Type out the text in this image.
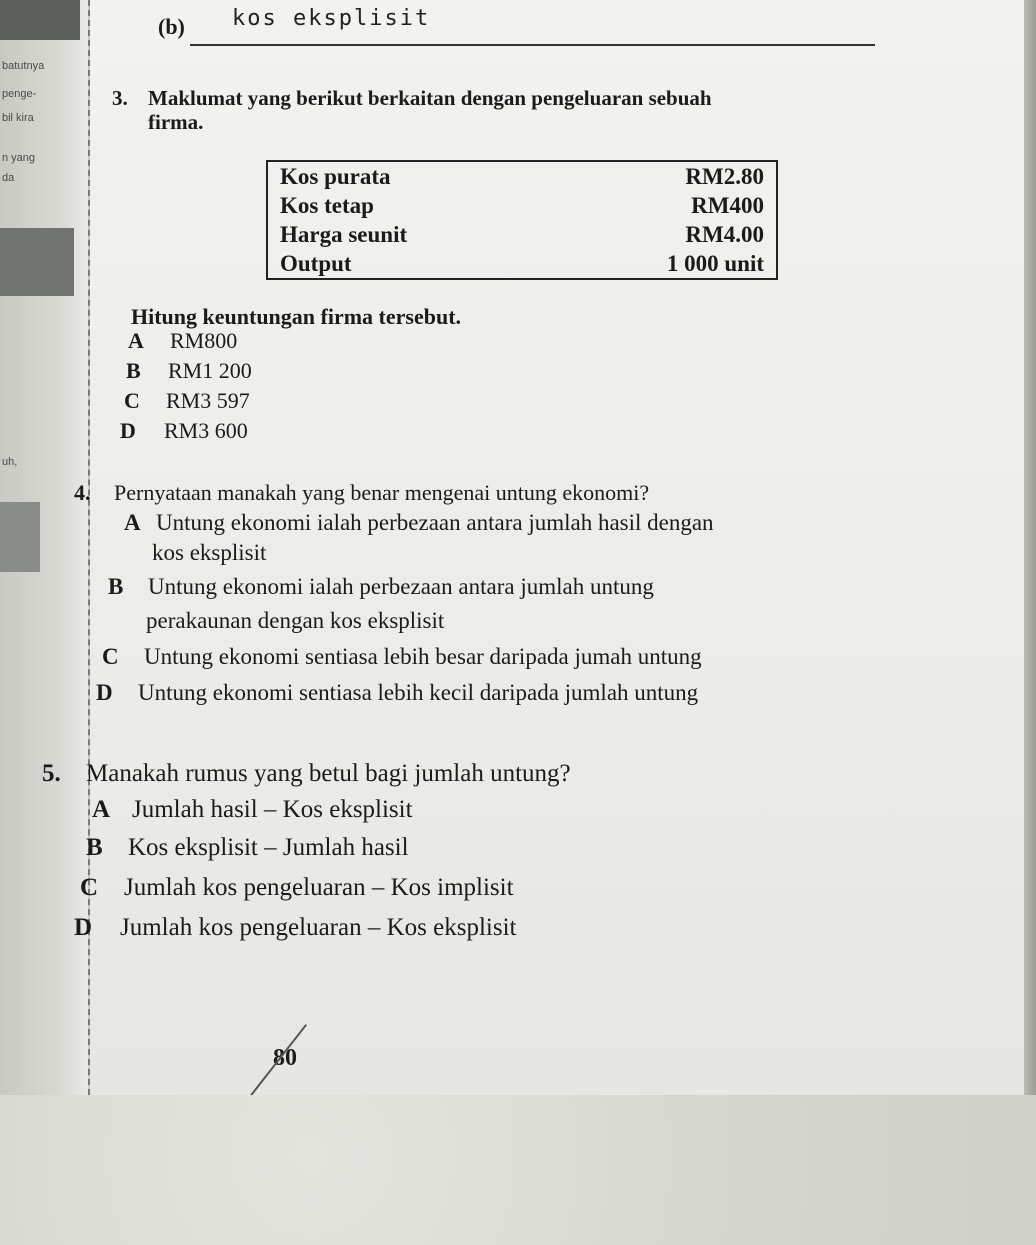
batutnya
penge-
bil kira
n yang
da
uh,
(b) kos eksplisit
3. Maklumat yang berikut berkaitan dengan pengeluaran sebuah
firma.
Kos purata	RM2.80
Kos tetap	RM400
Harga seunit	RM4.00
Output	1 000 unit
Hitung keuntungan firma tersebut.
A RM800
B RM1 200
C RM3 597
D RM3 600
4. Pernyataan manakah yang benar mengenai untung ekonomi?
A Untung ekonomi ialah perbezaan antara jumlah hasil dengan
kos eksplisit
B Untung ekonomi ialah perbezaan antara jumlah untung
perakaunan dengan kos eksplisit
C Untung ekonomi sentiasa lebih besar daripada jumah untung
D Untung ekonomi sentiasa lebih kecil daripada jumlah untung
5. Manakah rumus yang betul bagi jumlah untung?
A Jumlah hasil – Kos eksplisit
B Kos eksplisit – Jumlah hasil
C Jumlah kos pengeluaran – Kos implisit
D Jumlah kos pengeluaran – Kos eksplisit
80
